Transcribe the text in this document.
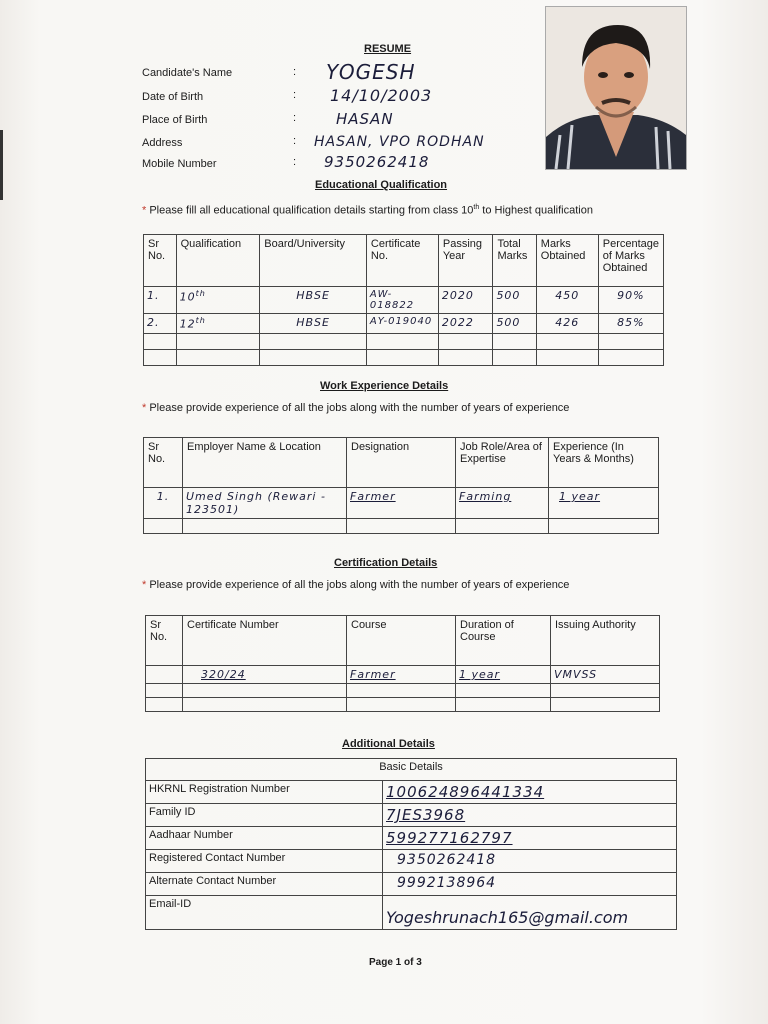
RESUME
Candidate's Name	: YOGESH
Date of Birth	: 14/10/2003
Place of Birth	:	HASAN
Address	: HASAN, VPO RODHAN
Mobile Number	: 9350262418
Educational Qualification
* Please fill all educational qualification details starting from class 10th to Highest qualification
Sr No.	Qualification	Board/University	Certificate No.	Passing Year	Total Marks	Marks Obtained	Percentage of Marks Obtained
1.	10th	HBSE	AW-018822	2020	500	450	90%
2.	12th	HBSE	AY-019040	2022	500	426	85%

Work Experience Details
* Please provide experience of all the jobs along with the number of years of experience
Sr No.	Employer Name & Location	Designation	Job Role/Area of Expertise	Experience (In Years & Months)
1.	Umed Singh (Rewari - 123501)	Farmer	Farming	1 year

Certification Details
* Please provide experience of all the jobs along with the number of years of experience
Sr No.	Certificate Number	Course	Duration of Course	Issuing Authority
	320/24	Farmer	1 year	VMVSS

Additional Details
Basic Details	
HKRNL Registration Number	100624896441334
Family ID	7JES3968
Aadhaar Number	599277162797
Registered Contact Number	9350262418
Alternate Contact Number	9992138964
Email-ID	Yogeshrunach165@gmail.com
Page 1 of 3
